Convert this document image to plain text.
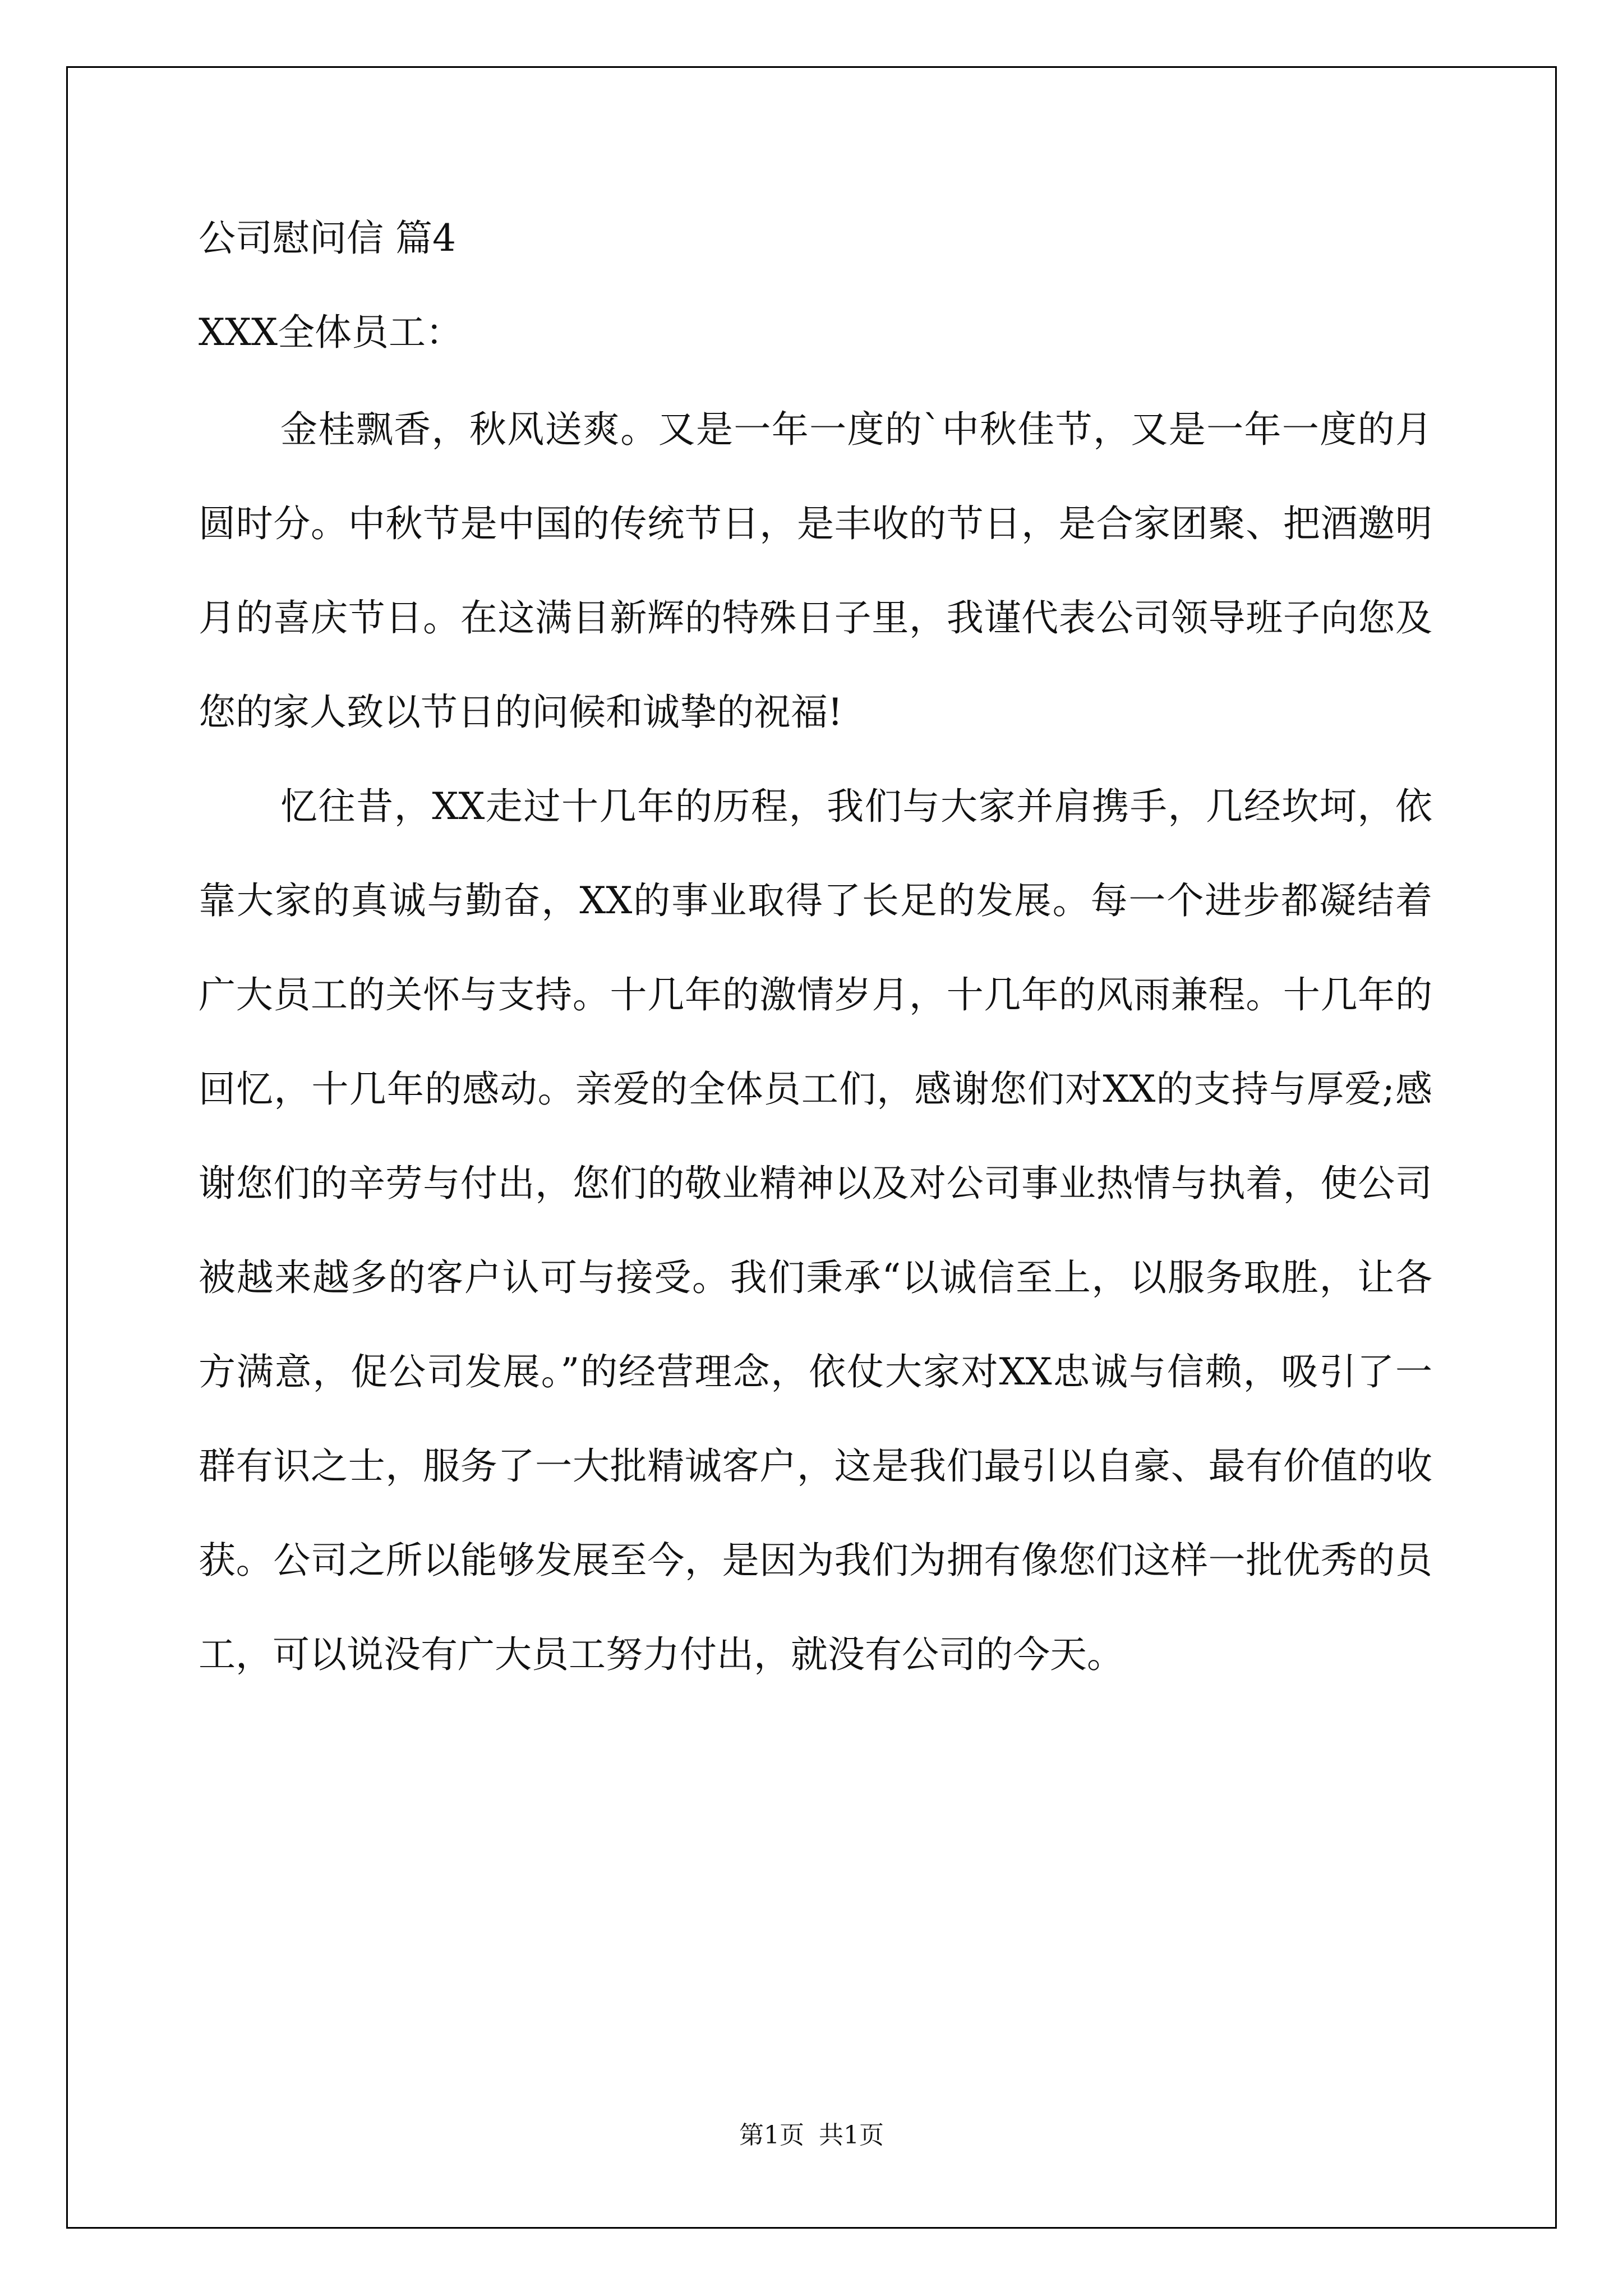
公司慰问信 篇4

XXX全体员工：

金桂飘香，秋风送爽。又是一年一度的`中秋佳节，又是一年一度的月圆时分。中秋节是中国的传统节日，是丰收的节日，是合家团聚、把酒邀明月的喜庆节日。在这满目新辉的特殊日子里，我谨代表公司领导班子向您及您的家人致以节日的问候和诚挚的祝福!

忆往昔，XX走过十几年的历程，我们与大家并肩携手，几经坎坷，依靠大家的真诚与勤奋，XX的事业取得了长足的发展。每一个进步都凝结着广大员工的关怀与支持。十几年的激情岁月，十几年的风雨兼程。十几年的回忆，十几年的感动。亲爱的全体员工们，感谢您们对XX的支持与厚爱;感谢您们的辛劳与付出，您们的敬业精神以及对公司事业热情与执着，使公司被越来越多的客户认可与接受。我们秉承“以诚信至上，以服务取胜，让各方满意，促公司发展。”的经营理念，依仗大家对XX忠诚与信赖，吸引了一群有识之士，服务了一大批精诚客户，这是我们最引以自豪、最有价值的收获。公司之所以能够发展至今，是因为我们为拥有像您们这样一批优秀的员工，可以说没有广大员工努力付出，就没有公司的今天。

第1页 共1页
